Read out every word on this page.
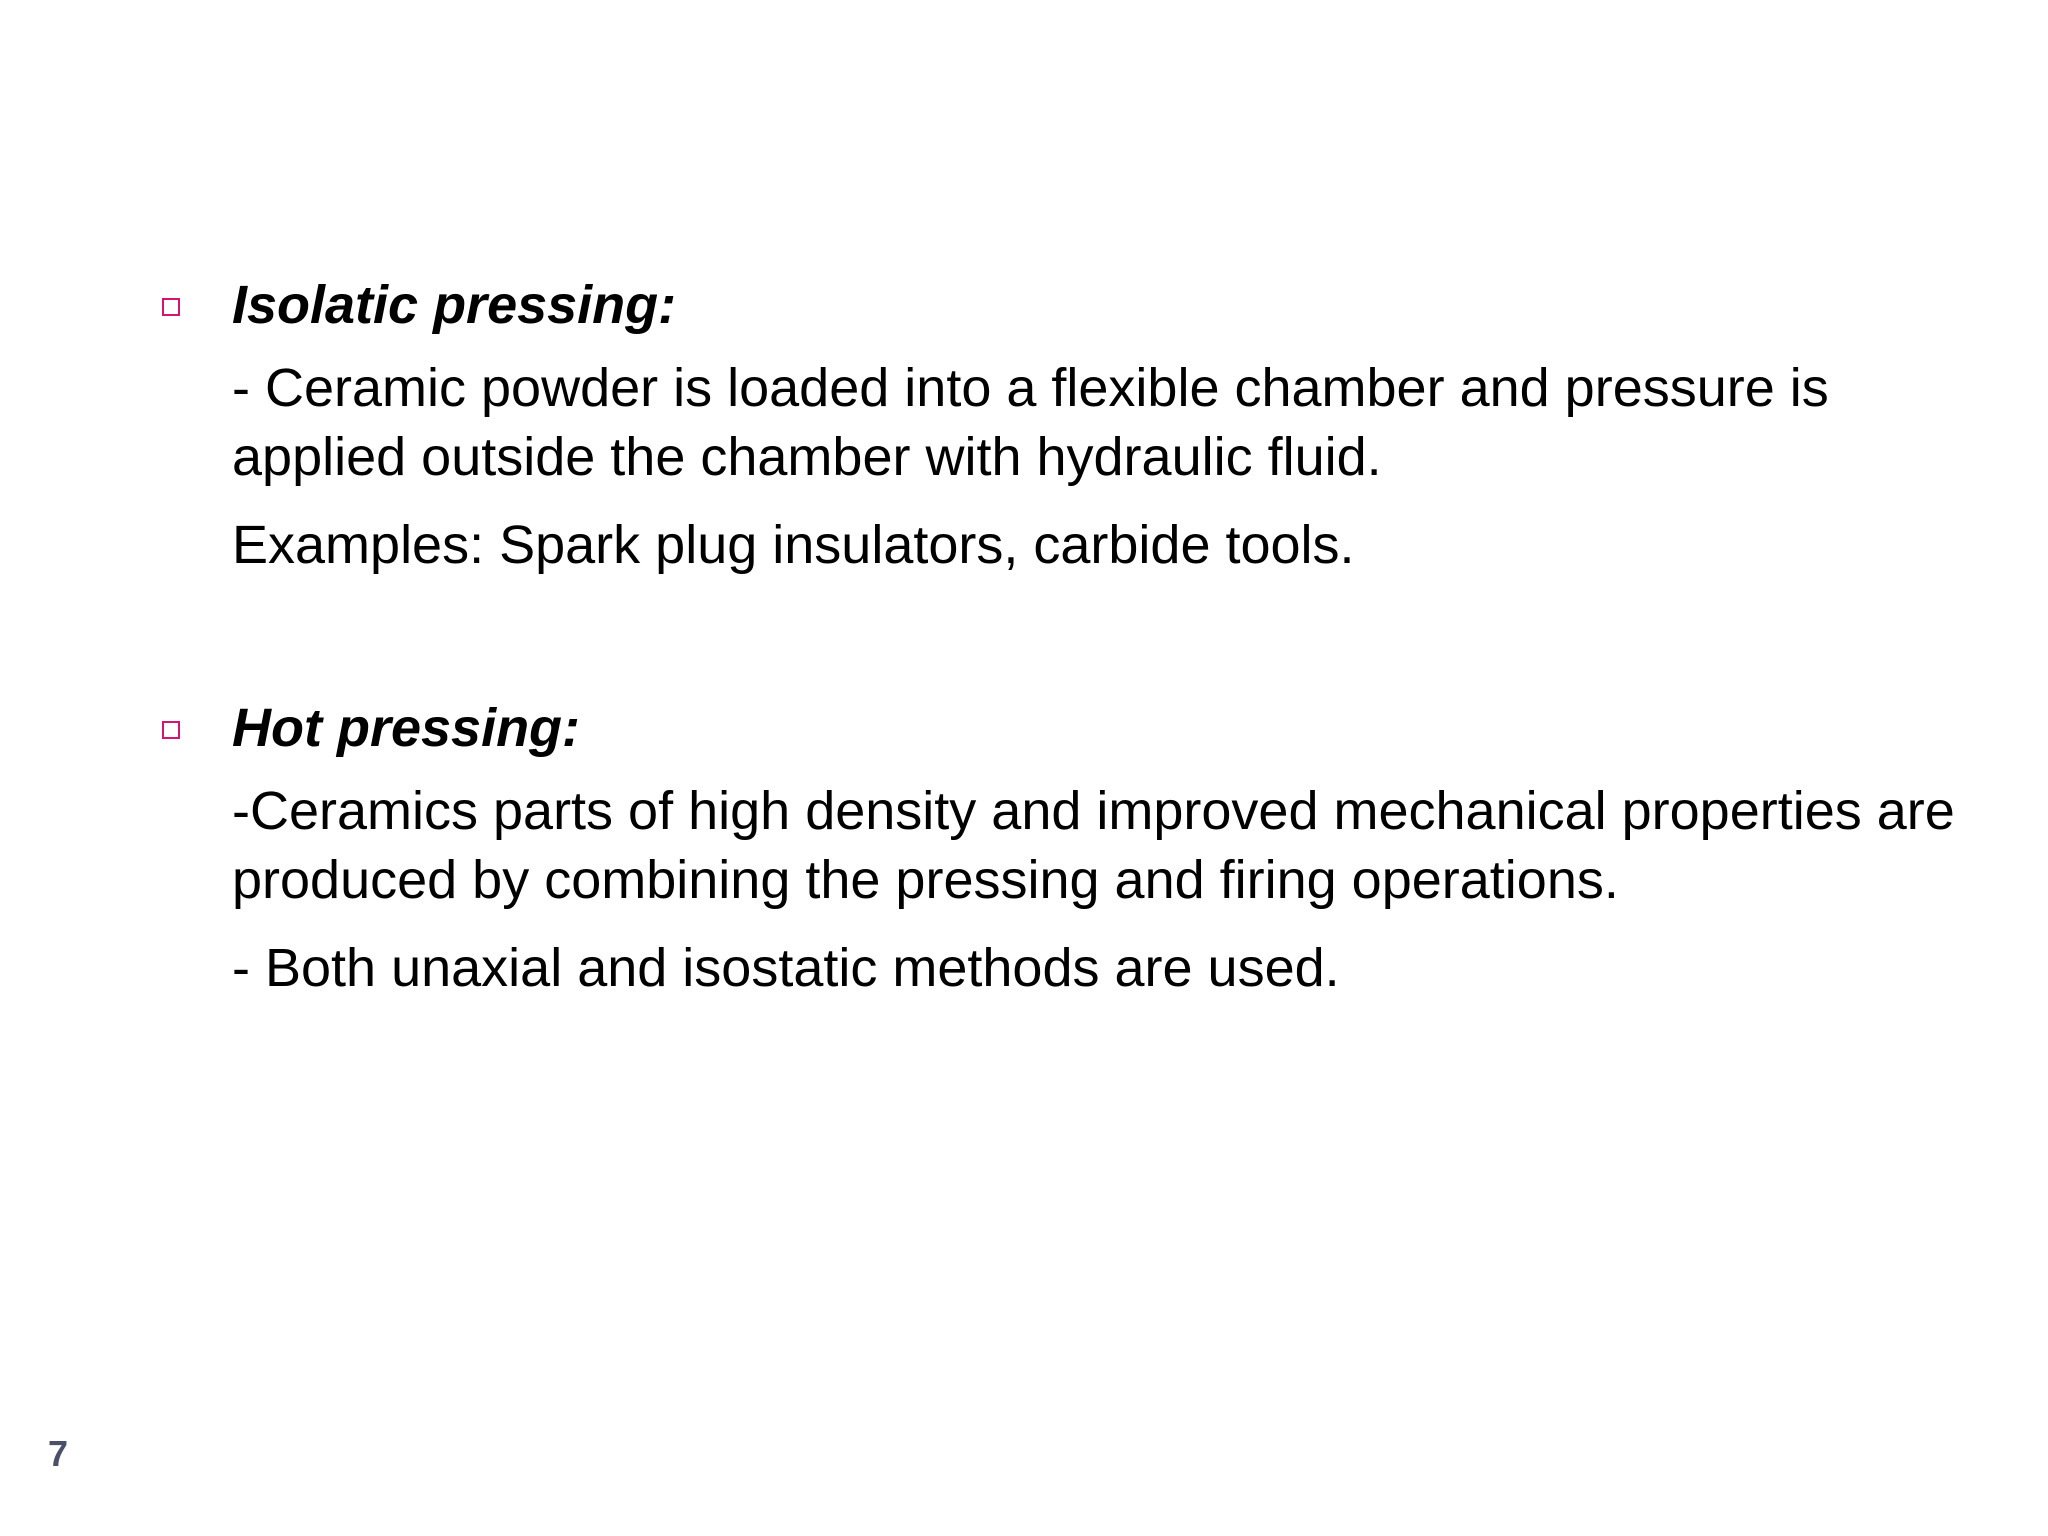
Isolatic pressing:
- Ceramic powder is loaded into a flexible chamber and pressure is applied outside the chamber with hydraulic fluid.
Examples: Spark plug insulators, carbide tools.
Hot pressing:
-Ceramics parts of high density and improved mechanical properties are produced by combining the pressing and firing operations.
- Both unaxial and isostatic methods are used.
7
